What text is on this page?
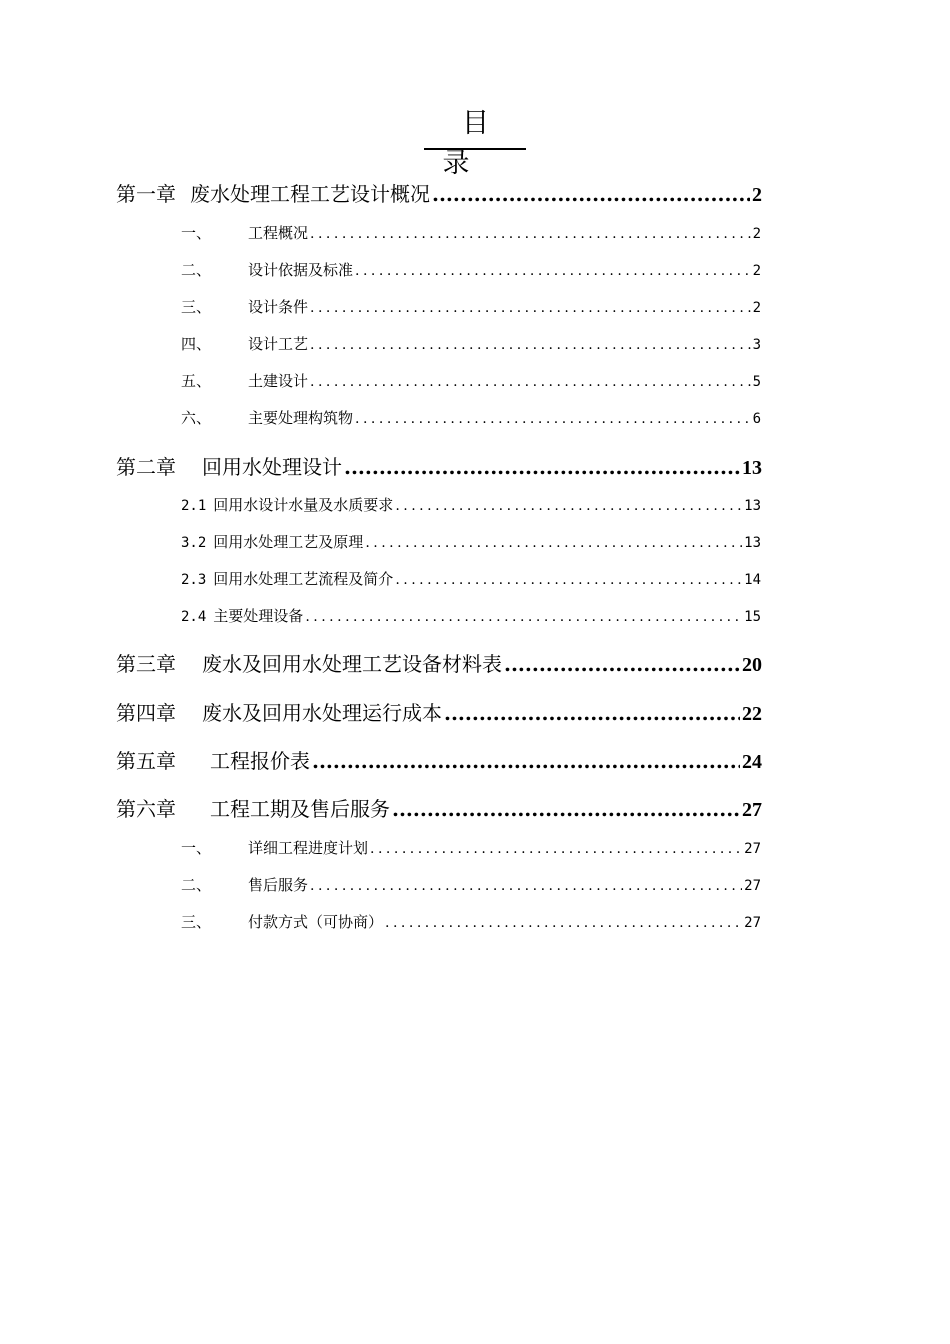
目 录
第一章 废水处理工程工艺设计概况 .....	2
一、	工程概况 .....	2
二、	设计依据及标准 .....	2
三、	设计条件 .....	2
四、	设计工艺 .....	3
五、	土建设计 .....	5
六、	主要处理构筑物 .....	6
第二章 回用水处理设计 .....	13
2.1 回用水设计水量及水质要求 .....	13
3.2 回用水处理工艺及原理 .....	13
2.3 回用水处理工艺流程及简介 .....	14
2.4 主要处理设备 .....	15
第三章 废水及回用水处理工艺设备材料表 .....	20
第四章 废水及回用水处理运行成本 .....	22
第五章 工程报价表 .....	24
第六章 工程工期及售后服务 .....	27
一、	详细工程进度计划 .....	27
二、	售后服务 .....	27
三、	付款方式（可协商） .....	27
